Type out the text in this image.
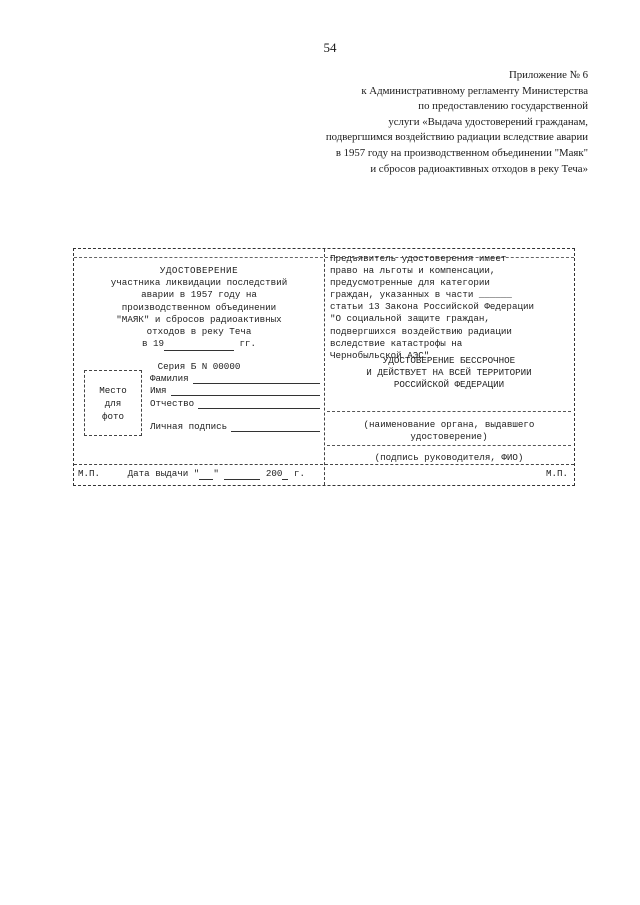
54
Приложение № 6
к Административному регламенту Министерства
по предоставлению государственной
услуги «Выдача удостоверений гражданам,
подвергшимся воздействию радиации вследствие аварии
в 1957 году на производственном объединении "Маяк"
и сбросов радиоактивных отходов в реку Теча»
УДОСТОВЕРЕНИЕ
участника ликвидации последствий
аварии в 1957 году на
производственном объединении
"МАЯК" и сбросов радиоактивных
отходов в реку Теча
в 19	гг.
Серия Б N 00000
Место
для
фото
Фамилия
Имя
Отчество
Личная подпись
М.П.	Дата выдачи " "	200 г.
Предъявитель удостоверения имеет
право на льготы и компенсации,
предусмотренные для категории
граждан, указанных в части ______
статьи 13 Закона Российской Федерации
"О социальной защите граждан,
подвергшихся воздействию радиации
вследствие катастрофы на
Чернобыльской АЭС"
УДОСТОВЕРЕНИЕ БЕССРОЧНОЕ
И ДЕЙСТВУЕТ НА ВСЕЙ ТЕРРИТОРИИ
РОССИЙСКОЙ ФЕДЕРАЦИИ
(наименование органа, выдавшего
удостоверение)
(подпись руководителя, ФИО)
М.П.
